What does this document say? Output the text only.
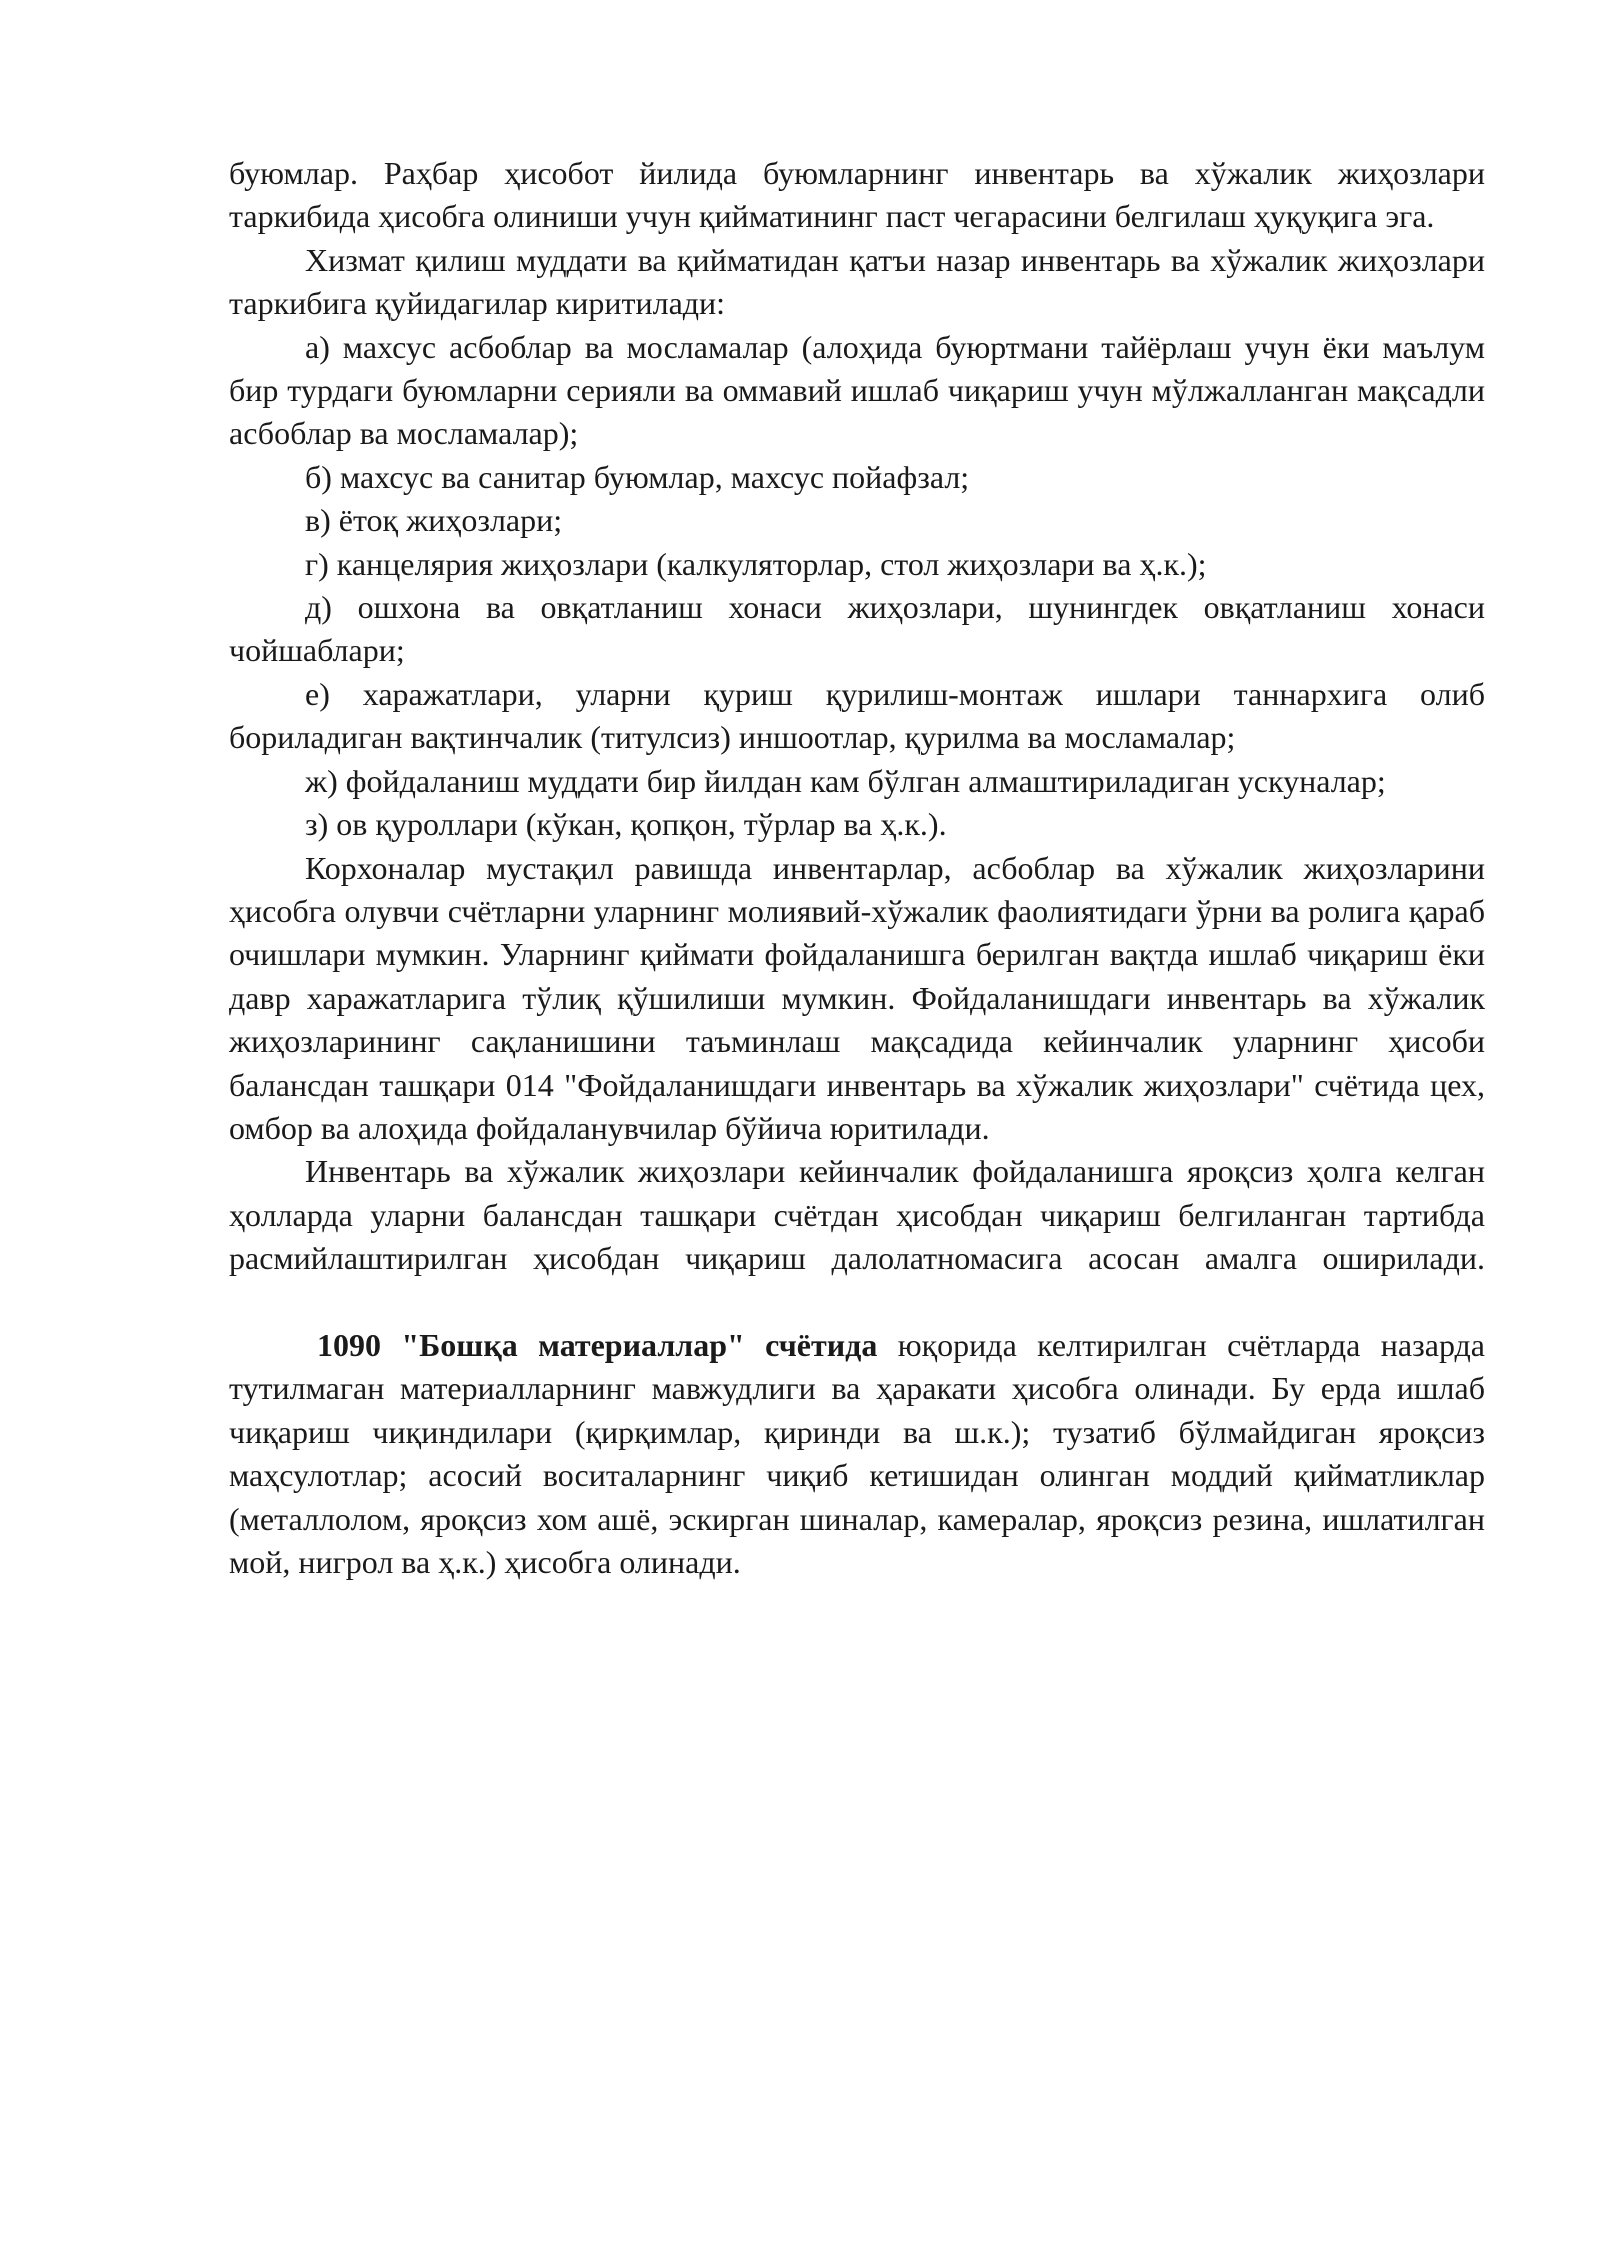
буюмлар. Раҳбар ҳисобот йилида буюмларнинг инвентарь ва хўжалик жиҳозлари таркибида ҳисобга олиниши учун қийматининг паст чегарасини белгилаш ҳуқуқига эга.

Хизмат қилиш муддати ва қийматидан қатъи назар инвентарь ва хўжалик жиҳозлари таркибига қуйидагилар киритилади:

а) махсус асбоблар ва мосламалар (алоҳида буюртмани тайёрлаш учун ёки маълум бир турдаги буюмларни серияли ва оммавий ишлаб чиқариш учун мўлжалланган мақсадли асбоблар ва мосламалар);

б) махсус ва санитар буюмлар, махсус пойафзал;

в) ётоқ жиҳозлари;

г) канцелярия жиҳозлари (калкуляторлар, стол жиҳозлари ва ҳ.к.);

д) ошхона ва овқатланиш хонаси жиҳозлари, шунингдек овқатланиш хонаси чойшаблари;

е) харажатлари, уларни қуриш қурилиш-монтаж ишлари таннархига олиб бориладиган вақтинчалик (титулсиз) иншоотлар, қурилма ва мосламалар;

ж) фойдаланиш муддати бир йилдан кам бўлган алмаштириладиган ускуналар;

з) ов қуроллари (кўкан, қопқон, тўрлар ва ҳ.к.).

Корхоналар мустақил равишда инвентарлар, асбоблар ва хўжалик жиҳозларини ҳисобга олувчи счётларни уларнинг молиявий-хўжалик фаолиятидаги ўрни ва ролига қараб очишлари мумкин. Уларнинг қиймати фойдаланишга берилган вақтда ишлаб чиқариш ёки давр харажатларига тўлиқ қўшилиши мумкин. Фойдаланишдаги инвентарь ва хўжалик жиҳозларининг сақланишини таъминлаш мақсадида кейинчалик уларнинг ҳисоби балансдан ташқари 014 "Фойдаланишдаги инвентарь ва хўжалик жиҳозлари" счётида цех, омбор ва алоҳида фойдаланувчилар бўйича юритилади.

Инвентарь ва хўжалик жиҳозлари кейинчалик фойдаланишга яроқсиз ҳолга келган ҳолларда уларни балансдан ташқари счётдан ҳисобдан чиқариш белгиланган тартибда расмийлаштирилган ҳисобдан чиқариш далолатномасига асосан амалга оширилади.

1090 "Бошқа материаллар" счётида юқорида келтирилган счётларда назарда тутилмаган материалларнинг мавжудлиги ва ҳаракати ҳисобга олинади. Бу ерда ишлаб чиқариш чиқиндилари (қирқимлар, қиринди ва ш.к.); тузатиб бўлмайдиган яроқсиз маҳсулотлар; асосий воситаларнинг чиқиб кетишидан олинган моддий қийматликлар (металлолом, яроқсиз хом ашё, эскирган шиналар, камералар, яроқсиз резина, ишлатилган мой, нигрол ва ҳ.к.) ҳисобга олинади.
